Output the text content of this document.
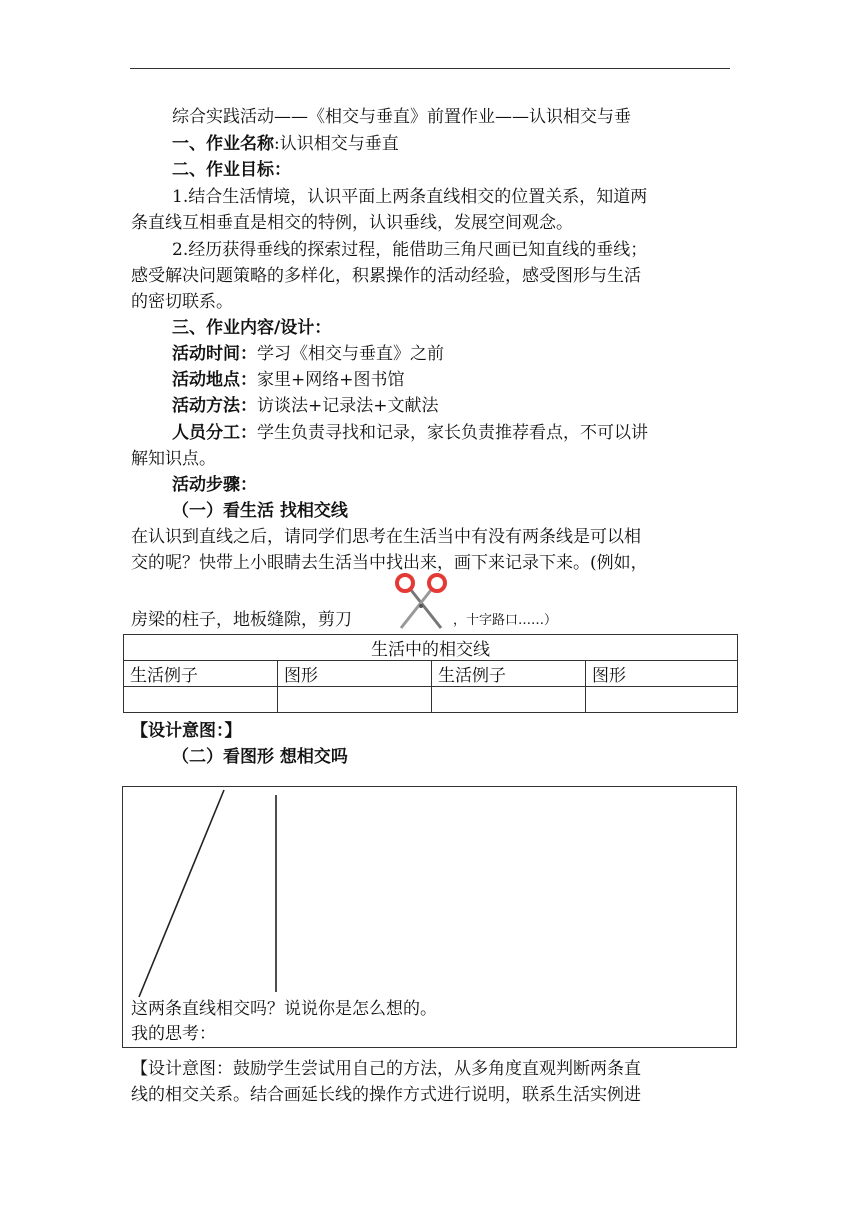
综合实践活动——《相交与垂直》前置作业——认识相交与垂
一、作业名称:认识相交与垂直
二、作业目标：
1.结合生活情境，认识平面上两条直线相交的位置关系，知道两
条直线互相垂直是相交的特例，认识垂线，发展空间观念。
2.经历获得垂线的探索过程，能借助三角尺画已知直线的垂线；
感受解决问题策略的多样化，积累操作的活动经验，感受图形与生活
的密切联系。
三、作业内容/设计：
活动时间：学习《相交与垂直》之前
活动地点：家里+网络+图书馆
活动方法：访谈法+记录法+文献法
人员分工：学生负责寻找和记录，家长负责推荐看点，不可以讲
解知识点。
活动步骤：
（一）看生活 找相交线
在认识到直线之后，请同学们思考在生活当中有没有两条线是可以相
交的呢？快带上小眼睛去生活当中找出来，画下来记录下来。(例如，
房梁的柱子，地板缝隙，剪刀	，十字路口……）
生活中的相交线			
生活例子	图形	生活例子	图形

【设计意图：】
（二）看图形 想相交吗
这两条直线相交吗？说说你是怎么想的。
我的思考：
【设计意图：鼓励学生尝试用自己的方法，从多角度直观判断两条直
线的相交关系。结合画延长线的操作方式进行说明，联系生活实例进
